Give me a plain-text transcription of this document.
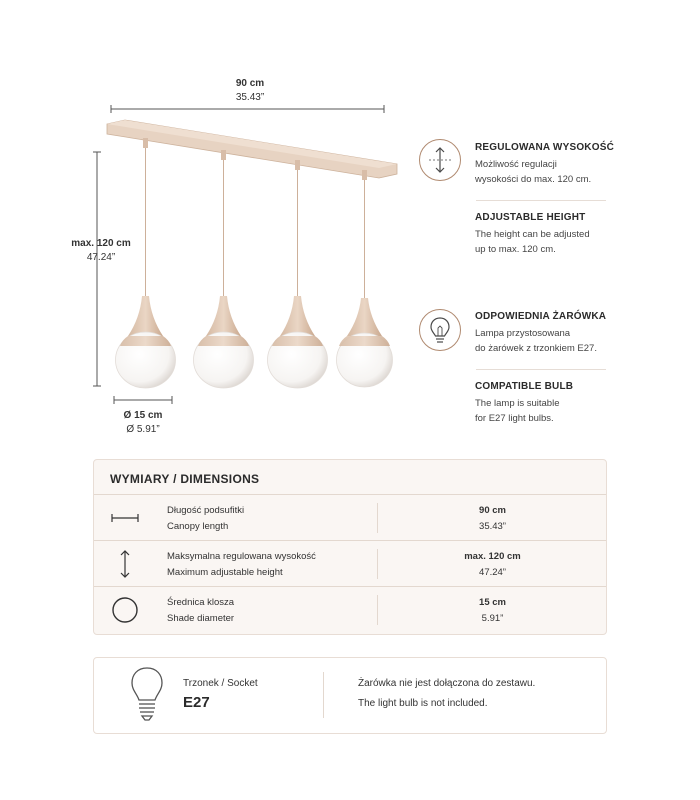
90 cm
35.43”
max. 120 cm
47.24”
Ø 15 cm
Ø 5.91”
REGULOWANA WYSOKOŚĆ
Możliwość regulacji
wysokości do max. 120 cm.
ADJUSTABLE HEIGHT
The height can be adjusted
up to max. 120 cm.
ODPOWIEDNIA ŻARÓWKA
Lampa przystosowana
do żarówek z trzonkiem E27.
COMPATIBLE BULB
The lamp is suitable
for E27 light bulbs.
WYMIARY / DIMENSIONS
Długość podsufitki
Canopy length
90 cm
35.43”
Maksymalna regulowana wysokość
Maximum adjustable height
max. 120 cm
47.24”
Średnica klosza
Shade diameter
15 cm
5.91”
Trzonek / Socket
E27
Żarówka nie jest dołączona do zestawu.
The light bulb is not included.
